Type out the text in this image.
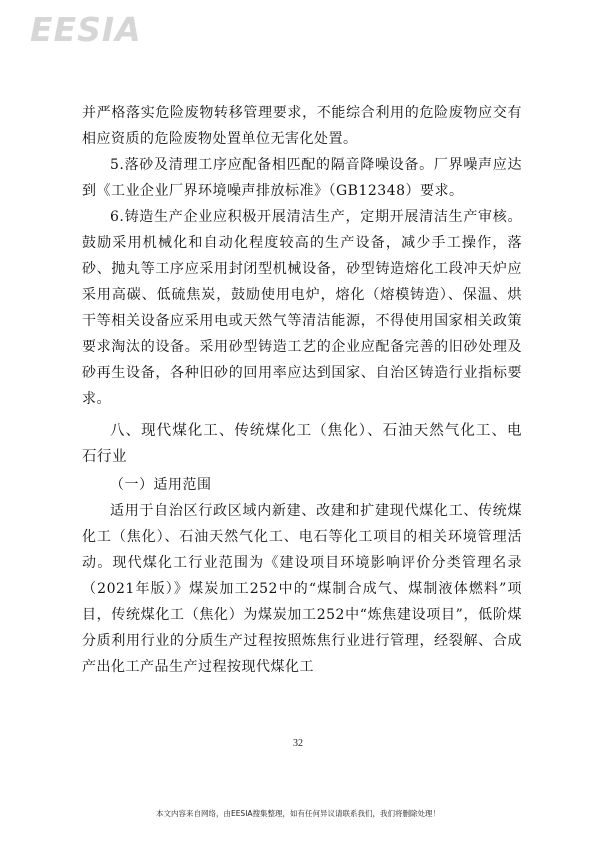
EESIA

并严格落实危险废物转移管理要求，不能综合利用的危险废物应交有相应资质的危险废物处置单位无害化处置。

5.落砂及清理工序应配备相匹配的隔音降噪设备。厂界噪声应达到《工业企业厂界环境噪声排放标准》（GB12348）要求。

6.铸造生产企业应积极开展清洁生产，定期开展清洁生产审核。鼓励采用机械化和自动化程度较高的生产设备，减少手工操作，落砂、抛丸等工序应采用封闭型机械设备，砂型铸造熔化工段冲天炉应采用高碳、低硫焦炭，鼓励使用电炉，熔化（熔模铸造）、保温、烘干等相关设备应采用电或天然气等清洁能源，不得使用国家相关政策要求淘汰的设备。采用砂型铸造工艺的企业应配备完善的旧砂处理及砂再生设备，各种旧砂的回用率应达到国家、自治区铸造行业指标要求。

八、现代煤化工、传统煤化工（焦化）、石油天然气化工、电石行业

（一）适用范围

适用于自治区行政区域内新建、改建和扩建现代煤化工、传统煤化工（焦化）、石油天然气化工、电石等化工项目的相关环境管理活动。现代煤化工行业范围为《建设项目环境影响评价分类管理名录（2021年版）》煤炭加工252中的“煤制合成气、煤制液体燃料”项目，传统煤化工（焦化）为煤炭加工252中“炼焦建设项目”，低阶煤分质利用行业的分质生产过程按照炼焦行业进行管理，经裂解、合成产出化工产品生产过程按现代煤化工

32
本文内容来自网络，由EESIA搜集整理，如有任何异议请联系我们，我们将删除处理！
